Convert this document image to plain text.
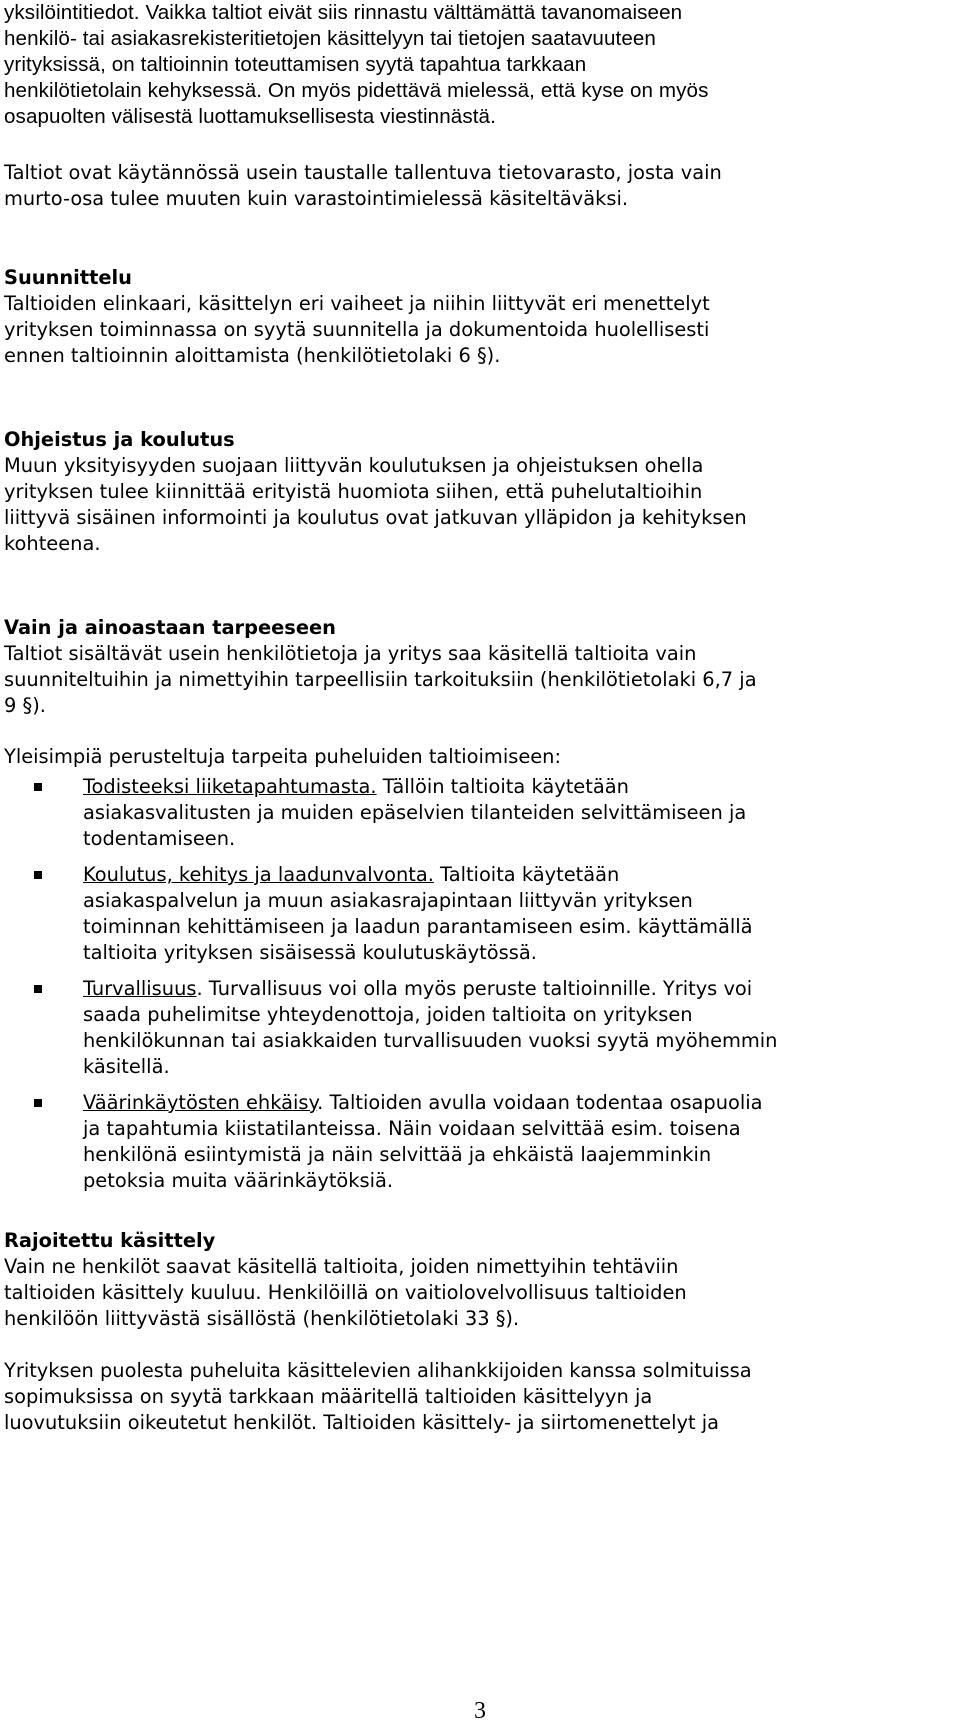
yksilöintitiedot. Vaikka taltiot eivät siis rinnastu välttämättä tavanomaiseen
henkilö- tai asiakasrekisteritietojen käsittelyyn tai tietojen saatavuuteen
yrityksissä, on taltioinnin toteuttamisen syytä tapahtua tarkkaan
henkilötietolain kehyksessä. On myös pidettävä mielessä, että kyse on myös
osapuolten välisestä luottamuksellisesta viestinnästä.

Taltiot ovat käytännössä usein taustalle tallentuva tietovarasto, josta vain
murto-osa tulee muuten kuin varastointimielessä käsiteltäväksi.

Suunnittelu

Taltioiden elinkaari, käsittelyn eri vaiheet ja niihin liittyvät eri menettelyt
yrityksen toiminnassa on syytä suunnitella ja dokumentoida huolellisesti
ennen taltioinnin aloittamista (henkilötietolaki 6 §).

Ohjeistus ja koulutus

Muun yksityisyyden suojaan liittyvän koulutuksen ja ohjeistuksen ohella
yrityksen tulee kiinnittää erityistä huomiota siihen, että puhelutaltioihin
liittyvä sisäinen informointi ja koulutus ovat jatkuvan ylläpidon ja kehityksen
kohteena.

Vain ja ainoastaan tarpeeseen

Taltiot sisältävät usein henkilötietoja ja yritys saa käsitellä taltioita vain
suunniteltuihin ja nimettyihin tarpeellisiin tarkoituksiin (henkilötietolaki 6,7 ja
9 §).

Yleisimpiä perusteltuja tarpeita puheluiden taltioimiseen:

Todisteeksi liiketapahtumasta. Tällöin taltioita käytetään
asiakasvalitusten ja muiden epäselvien tilanteiden selvittämiseen ja
todentamiseen.
Koulutus, kehitys ja laadunvalvonta. Taltioita käytetään
asiakaspalvelun ja muun asiakasrajapintaan liittyvän yrityksen
toiminnan kehittämiseen ja laadun parantamiseen esim. käyttämällä
taltioita yrityksen sisäisessä koulutuskäytössä.
Turvallisuus. Turvallisuus voi olla myös peruste taltioinnille. Yritys voi
saada puhelimitse yhteydenottoja, joiden taltioita on yrityksen
henkilökunnan tai asiakkaiden turvallisuuden vuoksi syytä myöhemmin
käsitellä.
Väärinkäytösten ehkäisy. Taltioiden avulla voidaan todentaa osapuolia
ja tapahtumia kiistatilanteissa. Näin voidaan selvittää esim. toisena
henkilönä esiintymistä ja näin selvittää ja ehkäistä laajemminkin
petoksia muita väärinkäytöksiä.

Rajoitettu käsittely

Vain ne henkilöt saavat käsitellä taltioita, joiden nimettyihin tehtäviin
taltioiden käsittely kuuluu. Henkilöillä on vaitiolovelvollisuus taltioiden
henkilöön liittyvästä sisällöstä (henkilötietolaki 33 §).

Yrityksen puolesta puheluita käsittelevien alihankkijoiden kanssa solmituissa
sopimuksissa on syytä tarkkaan määritellä taltioiden käsittelyyn ja
luovutuksiin oikeutetut henkilöt. Taltioiden käsittely- ja siirtomenettelyt ja

3
